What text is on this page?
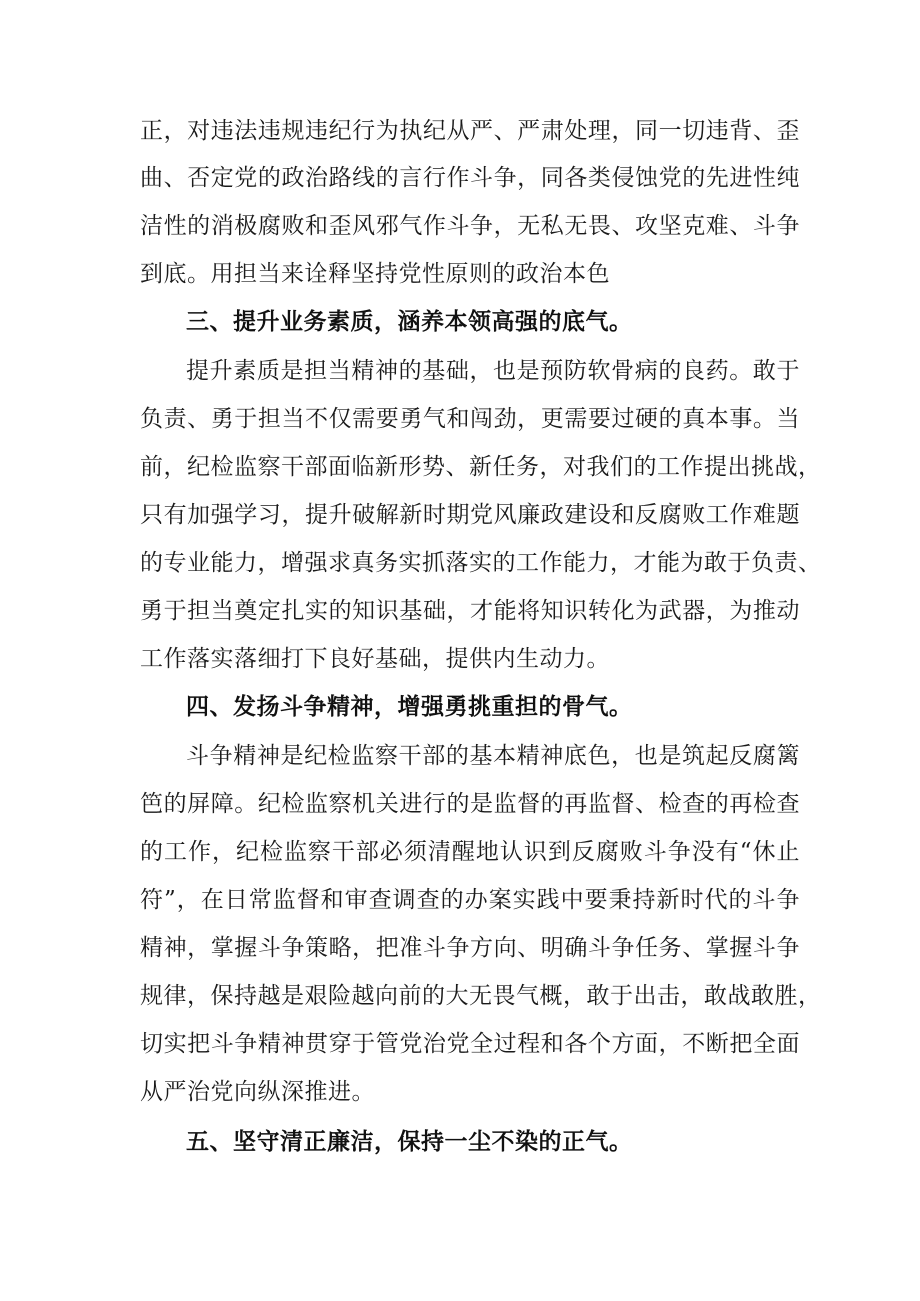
正，对违法违规违纪行为执纪从严、严肃处理，同一切违背、歪
曲、否定党的政治路线的言行作斗争，同各类侵蚀党的先进性纯
洁性的消极腐败和歪风邪气作斗争，无私无畏、攻坚克难、斗争
到底。用担当来诠释坚持党性原则的政治本色
三、提升业务素质，涵养本领高强的底气。
提升素质是担当精神的基础，也是预防软骨病的良药。敢于
负责、勇于担当不仅需要勇气和闯劲，更需要过硬的真本事。当
前，纪检监察干部面临新形势、新任务，对我们的工作提出挑战，
只有加强学习，提升破解新时期党风廉政建设和反腐败工作难题
的专业能力，增强求真务实抓落实的工作能力，才能为敢于负责、
勇于担当奠定扎实的知识基础，才能将知识转化为武器，为推动
工作落实落细打下良好基础，提供内生动力。
四、发扬斗争精神，增强勇挑重担的骨气。
斗争精神是纪检监察干部的基本精神底色，也是筑起反腐篱
笆的屏障。纪检监察机关进行的是监督的再监督、检查的再检查
的工作，纪检监察干部必须清醒地认识到反腐败斗争没有“休止
符”，在日常监督和审查调查的办案实践中要秉持新时代的斗争
精神，掌握斗争策略，把准斗争方向、明确斗争任务、掌握斗争
规律，保持越是艰险越向前的大无畏气概，敢于出击，敢战敢胜，
切实把斗争精神贯穿于管党治党全过程和各个方面，不断把全面
从严治党向纵深推进。
五、坚守清正廉洁，保持一尘不染的正气。
